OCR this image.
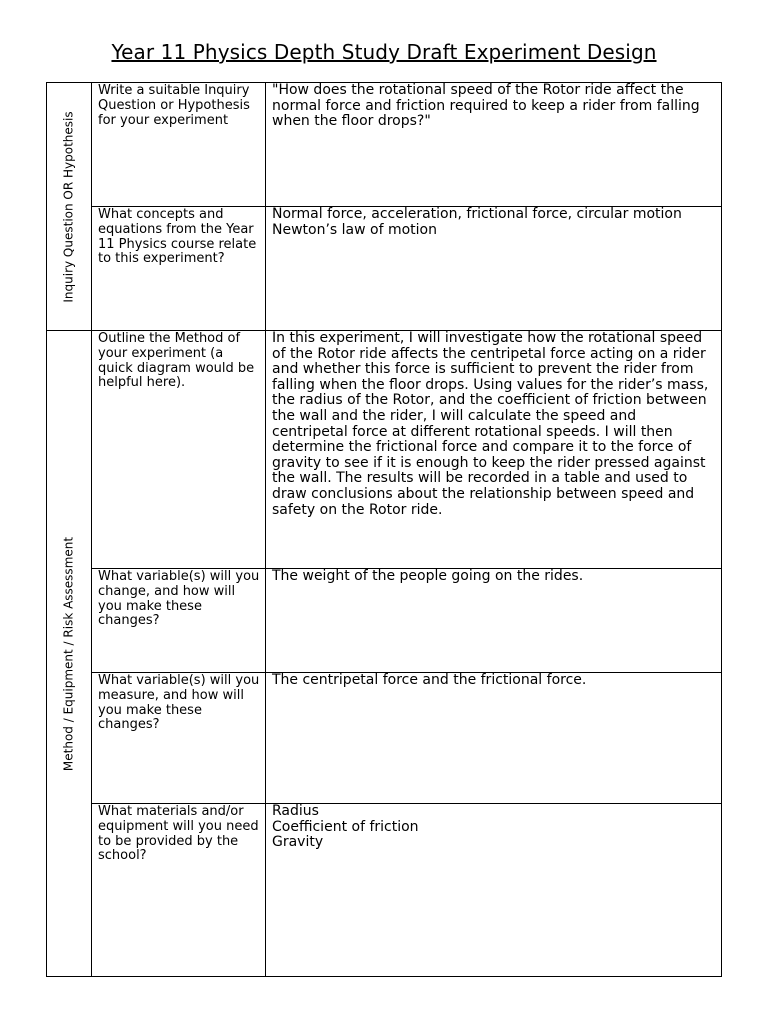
Year 11 Physics Depth Study Draft Experiment Design
Inquiry Question OR Hypothesis	Write a suitable Inquiry Question or Hypothesis for your experiment	"How does the rotational speed of the Rotor ride affect the normal force and friction required to keep a rider from falling when the floor drops?"

	What concepts and equations from the Year 11 Physics course relate to this experiment?	Normal force, acceleration, frictional force, circular motion
Newton’s law of motion

Method / Equipment / Risk Assessment	Outline the Method of your experiment (a quick diagram would be helpful here).	In this experiment, I will investigate how the rotational speed of the Rotor ride affects the centripetal force acting on a rider and whether this force is sufficient to prevent the rider from falling when the floor drops. Using values for the rider’s mass, the radius of the Rotor, and the coefficient of friction between the wall and the rider, I will calculate the speed and centripetal force at different rotational speeds. I will then determine the frictional force and compare it to the force of gravity to see if it is enough to keep the rider pressed against the wall. The results will be recorded in a table and used to draw conclusions about the relationship between speed and safety on the Rotor ride.

	What variable(s) will you change, and how will you make these changes?	The weight of the people going on the rides.

	What variable(s) will you measure, and how will you make these changes?	The centripetal force and the frictional force.

	What materials and/or equipment will you need to be provided by the school?	Radius
Coefficient of friction
Gravity
